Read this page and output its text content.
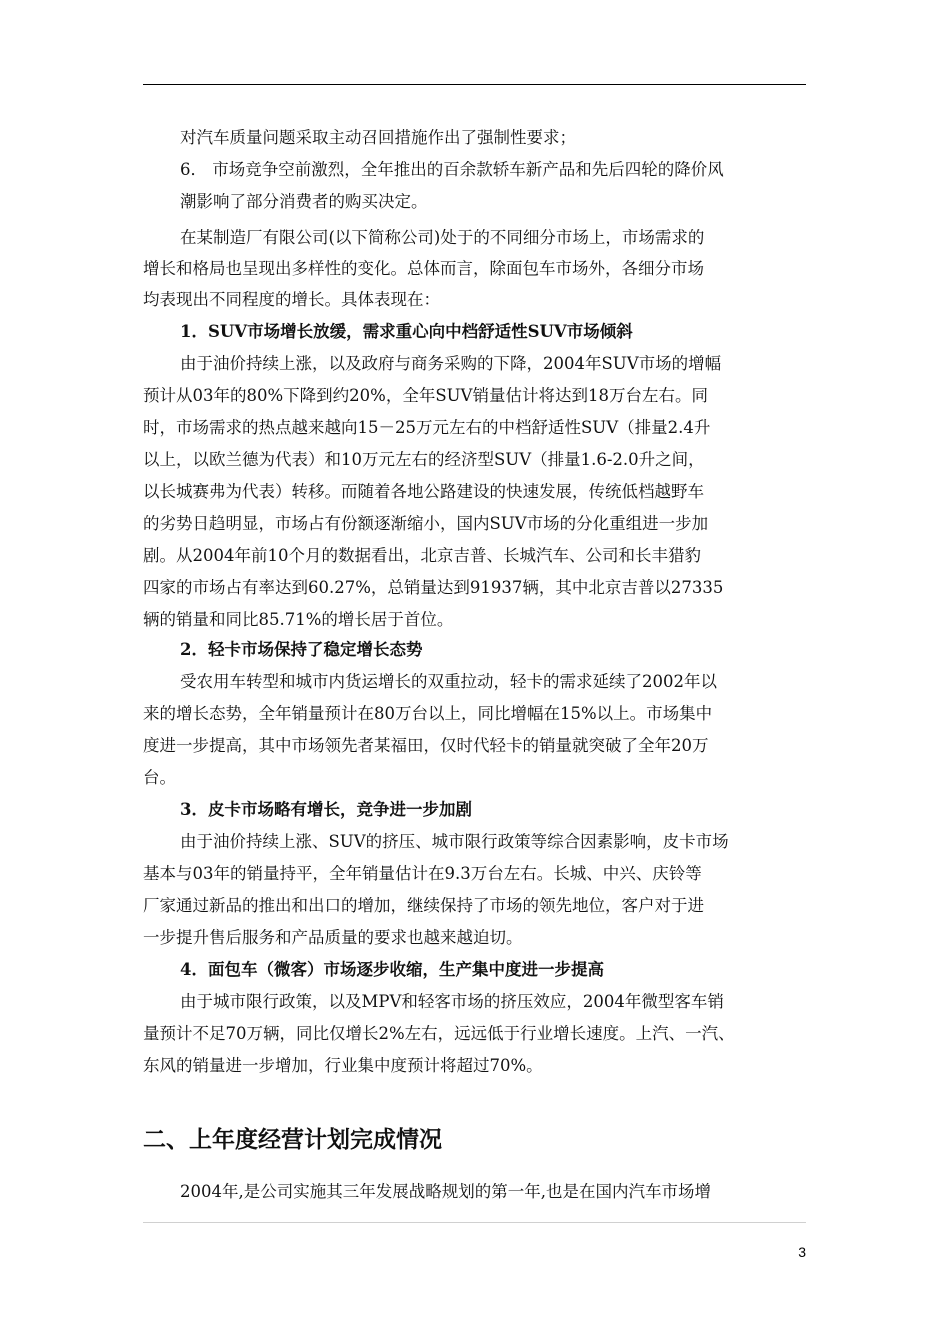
对汽车质量问题采取主动召回措施作出了强制性要求；
6． 市场竞争空前激烈，全年推出的百余款轿车新产品和先后四轮的降价风
潮影响了部分消费者的购买决定。
在某制造厂有限公司(以下简称公司)处于的不同细分市场上，市场需求的
增长和格局也呈现出多样性的变化。总体而言，除面包车市场外，各细分市场
均表现出不同程度的增长。具体表现在：
1．SUV市场增长放缓，需求重心向中档舒适性SUV市场倾斜
由于油价持续上涨，以及政府与商务采购的下降，2004年SUV市场的增幅
预计从03年的80%下降到约20%，全年SUV销量估计将达到18万台左右。同
时，市场需求的热点越来越向15－25万元左右的中档舒适性SUV（排量2.4升
以上，以欧兰德为代表）和10万元左右的经济型SUV（排量1.6-2.0升之间，
以长城赛弗为代表）转移。而随着各地公路建设的快速发展，传统低档越野车
的劣势日趋明显，市场占有份额逐渐缩小，国内SUV市场的分化重组进一步加
剧。从2004年前10个月的数据看出，北京吉普、长城汽车、公司和长丰猎豹
四家的市场占有率达到60.27%，总销量达到91937辆，其中北京吉普以27335
辆的销量和同比85.71%的增长居于首位。
2．轻卡市场保持了稳定增长态势
受农用车转型和城市内货运增长的双重拉动，轻卡的需求延续了2002年以
来的增长态势，全年销量预计在80万台以上，同比增幅在15%以上。市场集中
度进一步提高，其中市场领先者某福田，仅时代轻卡的销量就突破了全年20万
台。
3．皮卡市场略有增长，竞争进一步加剧
由于油价持续上涨、SUV的挤压、城市限行政策等综合因素影响，皮卡市场
基本与03年的销量持平，全年销量估计在9.3万台左右。长城、中兴、庆铃等
厂家通过新品的推出和出口的增加，继续保持了市场的领先地位，客户对于进
一步提升售后服务和产品质量的要求也越来越迫切。
4．面包车（微客）市场逐步收缩，生产集中度进一步提高
由于城市限行政策，以及MPV和轻客市场的挤压效应，2004年微型客车销
量预计不足70万辆，同比仅增长2%左右，远远低于行业增长速度。上汽、一汽、
东风的销量进一步增加，行业集中度预计将超过70%。
二、上年度经营计划完成情况
2004年,是公司实施其三年发展战略规划的第一年,也是在国内汽车市场增
3
